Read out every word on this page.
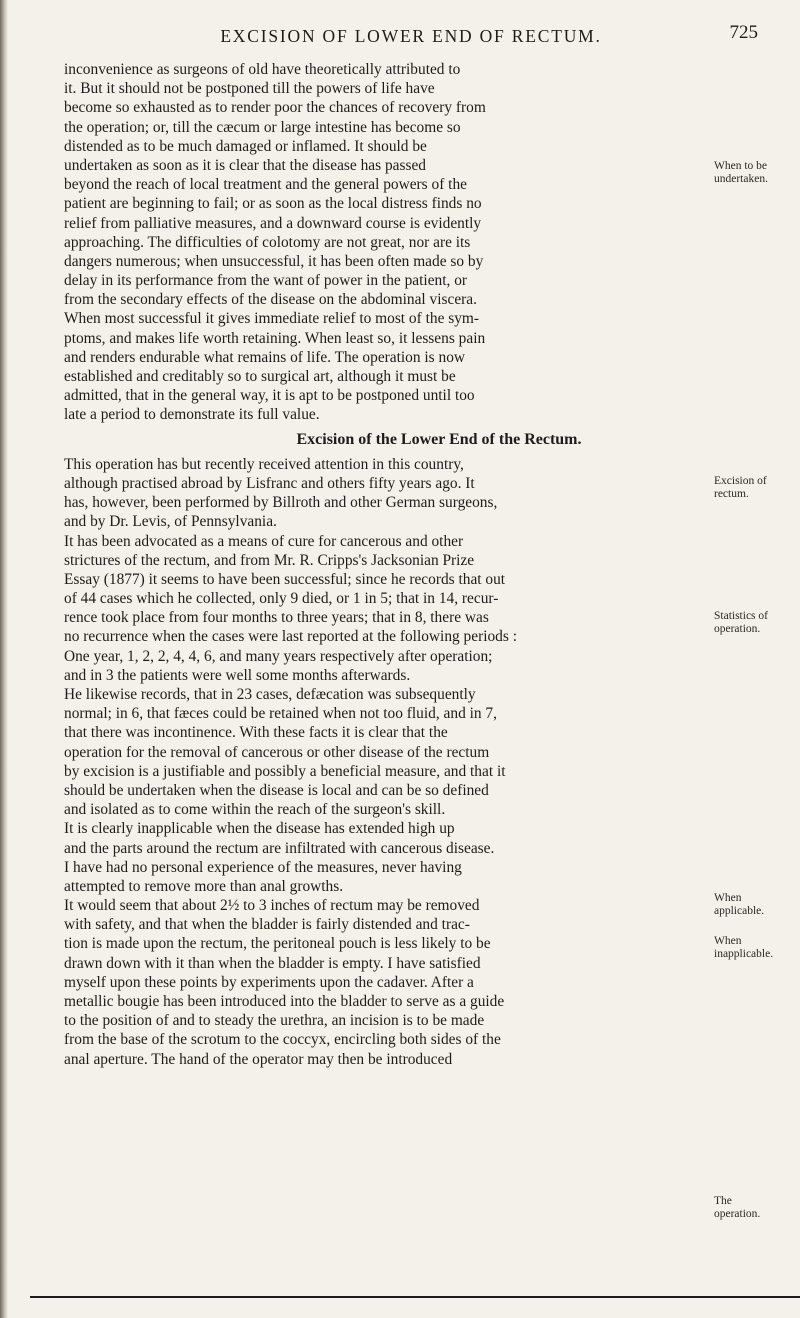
EXCISION OF LOWER END OF RECTUM.	725
inconvenience as surgeons of old have theoretically attributed to
it. But it should not be postponed till the powers of life have
become so exhausted as to render poor the chances of recovery from
the operation; or, till the cæcum or large intestine has become so
distended as to be much damaged or inflamed. It should be
undertaken as soon as it is clear that the disease has passed
beyond the reach of local treatment and the general powers of the
patient are beginning to fail; or as soon as the local distress finds no
relief from palliative measures, and a downward course is evidently
approaching. The difficulties of colotomy are not great, nor are its
dangers numerous; when unsuccessful, it has been often made so by
delay in its performance from the want of power in the patient, or
from the secondary effects of the disease on the abdominal viscera.
When most successful it gives immediate relief to most of the sym-
ptoms, and makes life worth retaining. When least so, it lessens pain
and renders endurable what remains of life. The operation is now
established and creditably so to surgical art, although it must be
admitted, that in the general way, it is apt to be postponed until too
late a period to demonstrate its full value.
Excision of the Lower End of the Rectum.
This operation has but recently received attention in this country,
although practised abroad by Lisfranc and others fifty years ago. It
has, however, been performed by Billroth and other German surgeons,
and by Dr. Levis, of Pennsylvania.
It has been advocated as a means of cure for cancerous and other
strictures of the rectum, and from Mr. R. Cripps's Jacksonian Prize
Essay (1877) it seems to have been successful; since he records that out
of 44 cases which he collected, only 9 died, or 1 in 5; that in 14, recur-
rence took place from four months to three years; that in 8, there was
no recurrence when the cases were last reported at the following periods :
One year, 1, 2, 2, 4, 4, 6, and many years respectively after operation;
and in 3 the patients were well some months afterwards.
He likewise records, that in 23 cases, defæcation was subsequently
normal; in 6, that fæces could be retained when not too fluid, and in 7,
that there was incontinence. With these facts it is clear that the
operation for the removal of cancerous or other disease of the rectum
by excision is a justifiable and possibly a beneficial measure, and that it
should be undertaken when the disease is local and can be so defined
and isolated as to come within the reach of the surgeon's skill.
It is clearly inapplicable when the disease has extended high up
and the parts around the rectum are infiltrated with cancerous disease.
I have had no personal experience of the measures, never having
attempted to remove more than anal growths.
It would seem that about 2½ to 3 inches of rectum may be removed
with safety, and that when the bladder is fairly distended and trac-
tion is made upon the rectum, the peritoneal pouch is less likely to be
drawn down with it than when the bladder is empty. I have satisfied
myself upon these points by experiments upon the cadaver. After a
metallic bougie has been introduced into the bladder to serve as a guide
to the position of and to steady the urethra, an incision is to be made
from the base of the scrotum to the coccyx, encircling both sides of the
anal aperture. The hand of the operator may then be introduced
When to be
undertaken.
Excision of
rectum.
Statistics of
operation.
When
applicable.
When
inapplicable.
The
operation.
